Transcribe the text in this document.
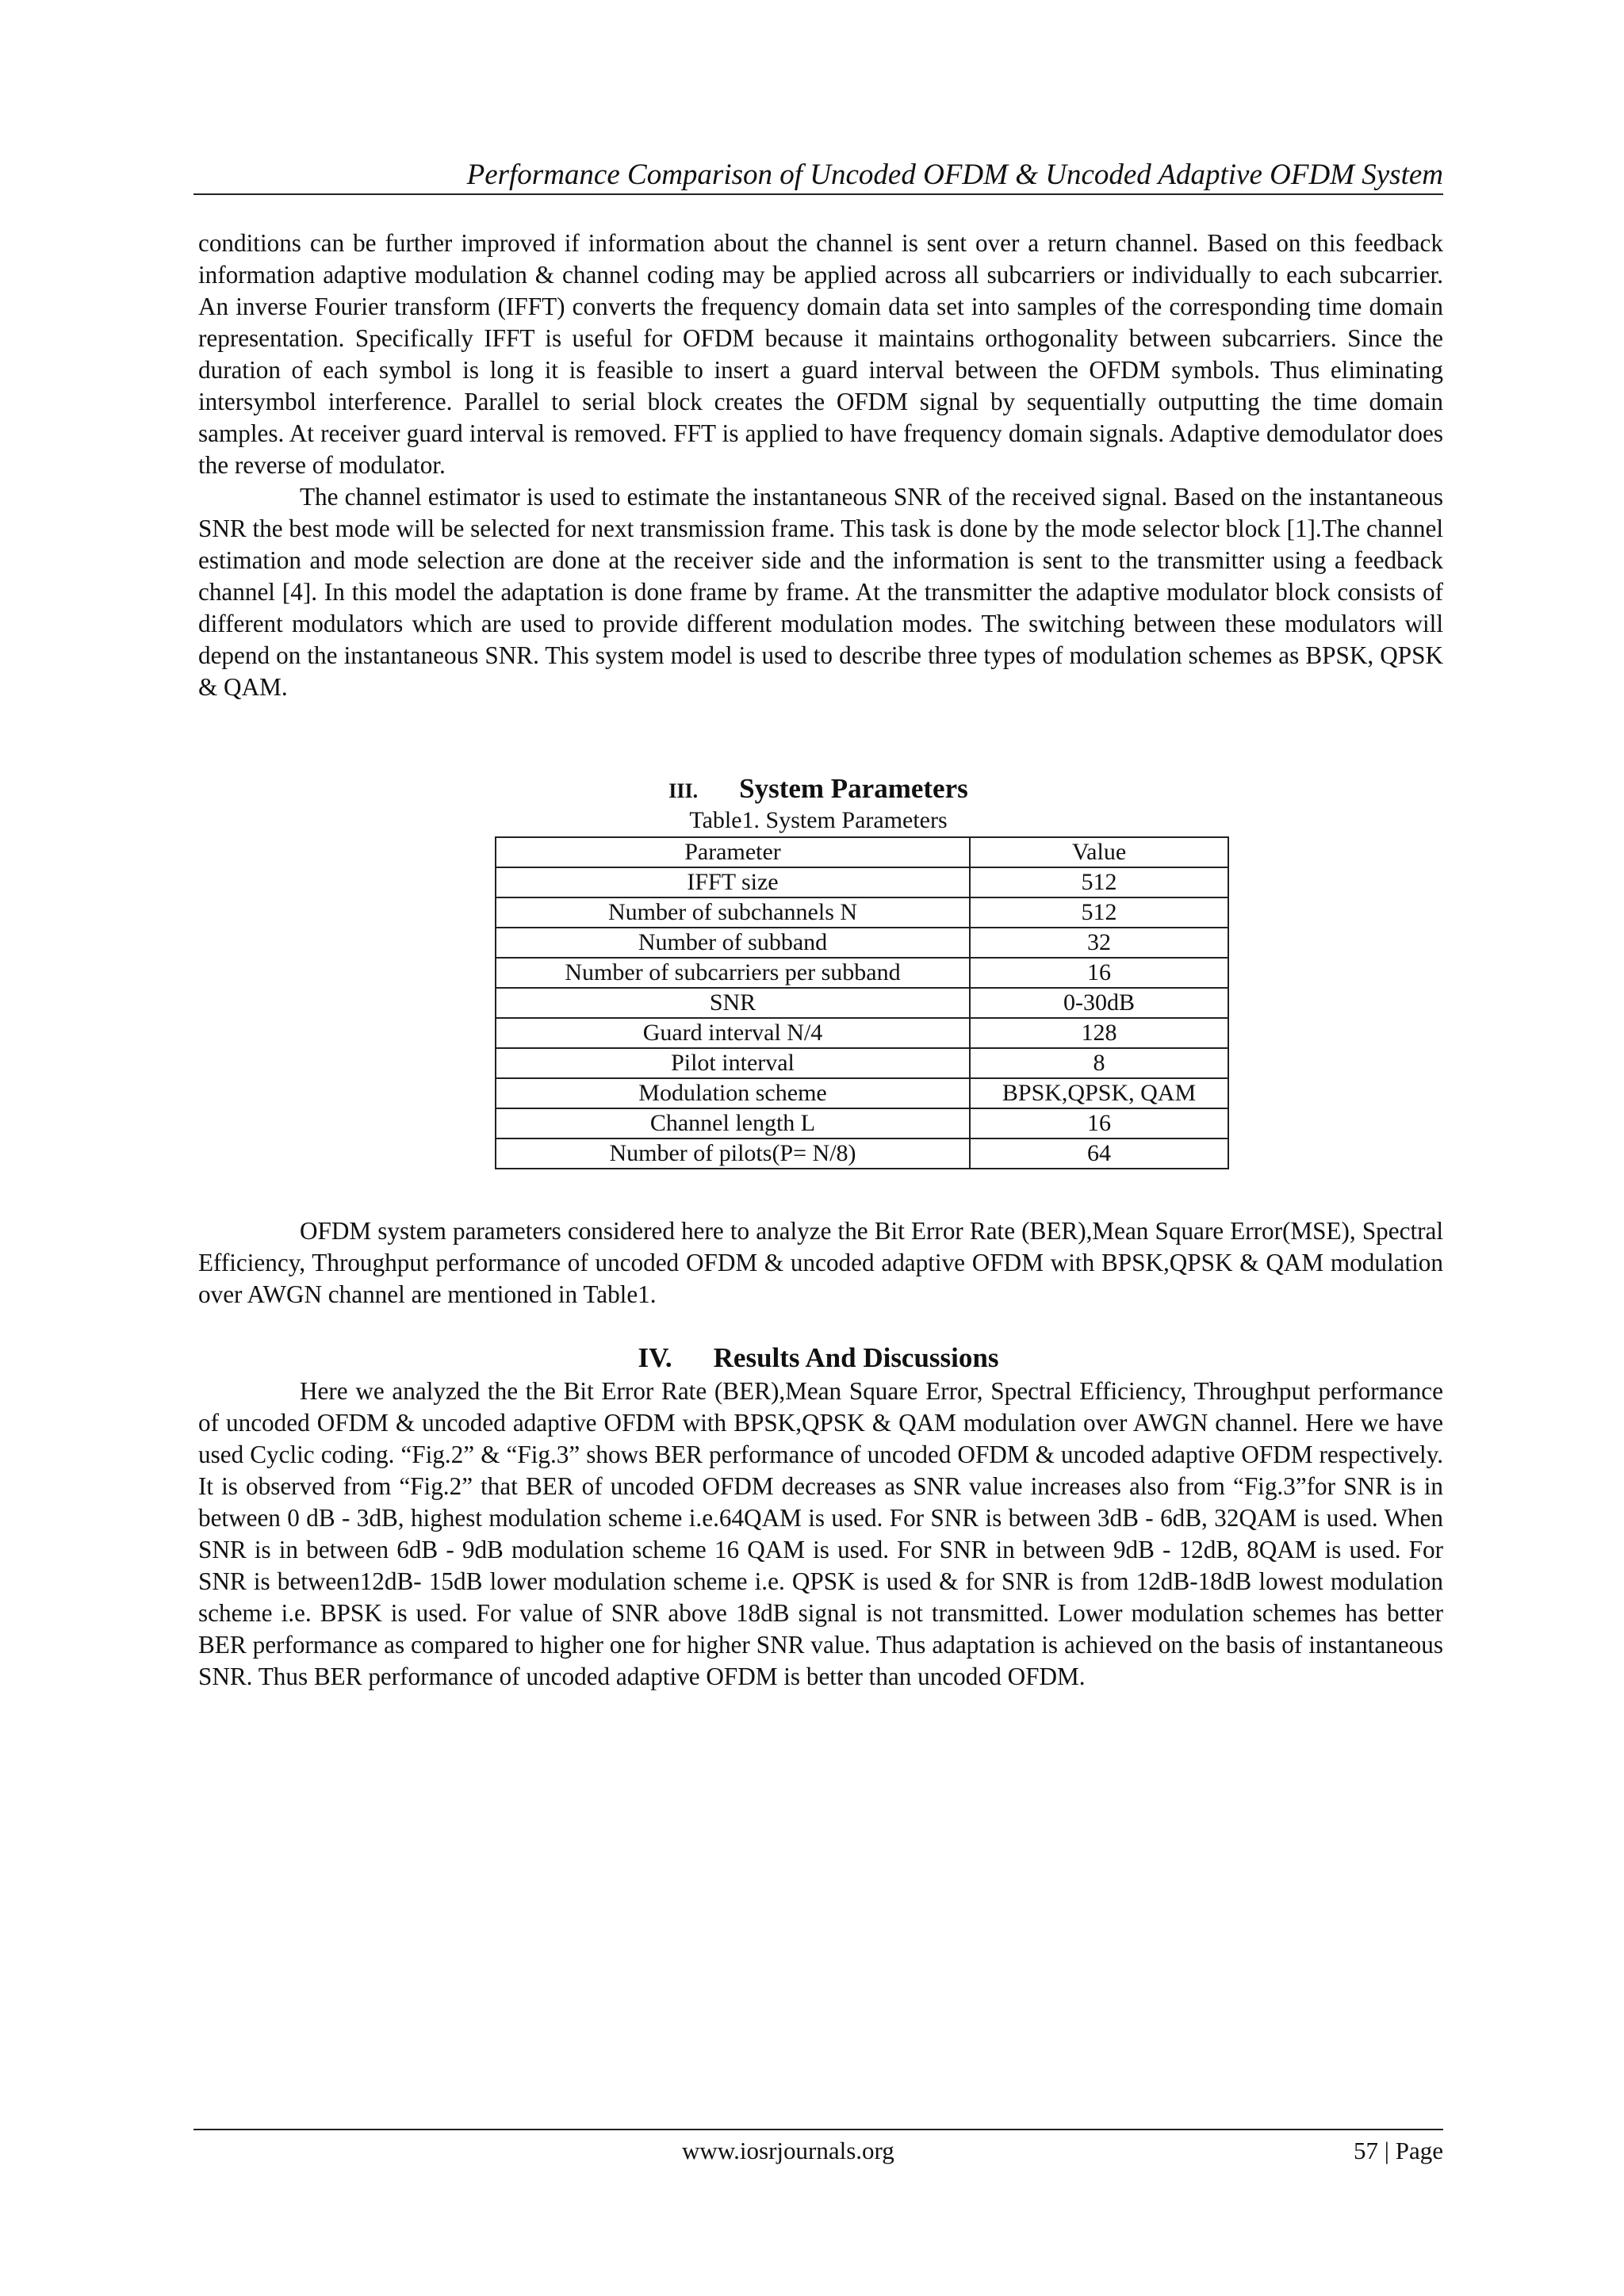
Performance Comparison of Uncoded OFDM & Uncoded Adaptive OFDM System

conditions can be further improved if information about the channel is sent over a return channel. Based on this feedback information adaptive modulation & channel coding may be applied across all subcarriers or individually to each subcarrier. An inverse Fourier transform (IFFT) converts the frequency domain data set into samples of the corresponding time domain representation. Specifically IFFT is useful for OFDM because it maintains orthogonality between subcarriers. Since the duration of each symbol is long it is feasible to insert a guard interval between the OFDM symbols. Thus eliminating intersymbol interference. Parallel to serial block creates the OFDM signal by sequentially outputting the time domain samples. At receiver guard interval is removed. FFT is applied to have frequency domain signals. Adaptive demodulator does the reverse of modulator.

The channel estimator is used to estimate the instantaneous SNR of the received signal. Based on the instantaneous SNR the best mode will be selected for next transmission frame. This task is done by the mode selector block [1].The channel estimation and mode selection are done at the receiver side and the information is sent to the transmitter using a feedback channel [4]. In this model the adaptation is done frame by frame. At the transmitter the adaptive modulator block consists of different modulators which are used to provide different modulation modes. The switching between these modulators will depend on the instantaneous SNR. This system model is used to describe three types of modulation schemes as BPSK, QPSK & QAM.

III. System Parameters
Table1. System Parameters
Parameter	Value
IFFT size	512
Number of subchannels N	512
Number of subband	32
Number of subcarriers per subband	16
SNR	0-30dB
Guard interval N/4	128
Pilot interval	8
Modulation scheme	BPSK,QPSK, QAM
Channel length L	16
Number of pilots(P= N/8)	64

OFDM system parameters considered here to analyze the Bit Error Rate (BER),Mean Square Error(MSE), Spectral Efficiency, Throughput performance of uncoded OFDM & uncoded adaptive OFDM with BPSK,QPSK & QAM modulation over AWGN channel are mentioned in Table1.

IV. Results And Discussions

Here we analyzed the the Bit Error Rate (BER),Mean Square Error, Spectral Efficiency, Throughput performance of uncoded OFDM & uncoded adaptive OFDM with BPSK,QPSK & QAM modulation over AWGN channel. Here we have used Cyclic coding. “Fig.2” & “Fig.3” shows BER performance of uncoded OFDM & uncoded adaptive OFDM respectively. It is observed from “Fig.2” that BER of uncoded OFDM decreases as SNR value increases also from “Fig.3”for SNR is in between 0 dB - 3dB, highest modulation scheme i.e.64QAM is used. For SNR is between 3dB - 6dB, 32QAM is used. When SNR is in between 6dB - 9dB modulation scheme 16 QAM is used. For SNR in between 9dB - 12dB, 8QAM is used. For SNR is between12dB- 15dB lower modulation scheme i.e. QPSK is used & for SNR is from 12dB-18dB lowest modulation scheme i.e. BPSK is used. For value of SNR above 18dB signal is not transmitted. Lower modulation schemes has better BER performance as compared to higher one for higher SNR value. Thus adaptation is achieved on the basis of instantaneous SNR. Thus BER performance of uncoded adaptive OFDM is better than uncoded OFDM.

www.iosrjournals.org	57 | Page
